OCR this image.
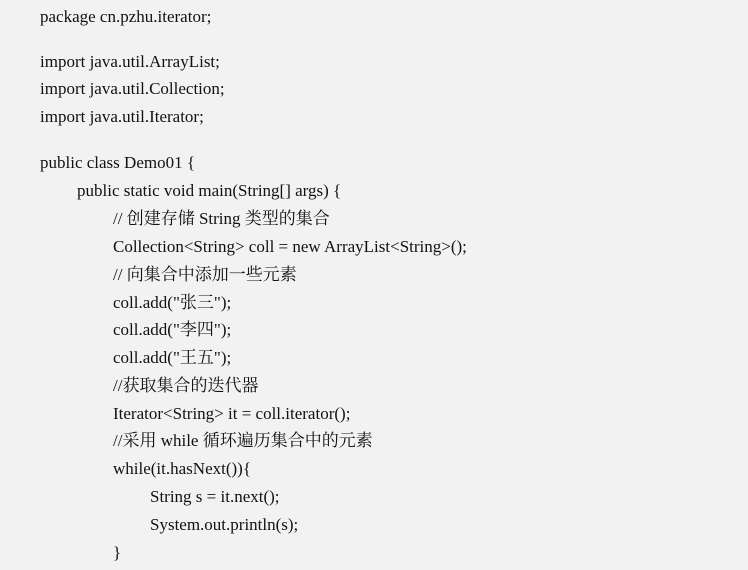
package cn.pzhu.iterator;
import java.util.ArrayList;
import java.util.Collection;
import java.util.Iterator;
public class Demo01 {
public static void main(String[] args) {
// 创建存储 String 类型的集合
Collection<String> coll = new ArrayList<String>();
// 向集合中添加一些元素
coll.add("张三");
coll.add("李四");
coll.add("王五");
//获取集合的迭代器
Iterator<String> it = coll.iterator();
//采用 while 循环遍历集合中的元素
while(it.hasNext()){
String s = it.next();
System.out.println(s);
}
